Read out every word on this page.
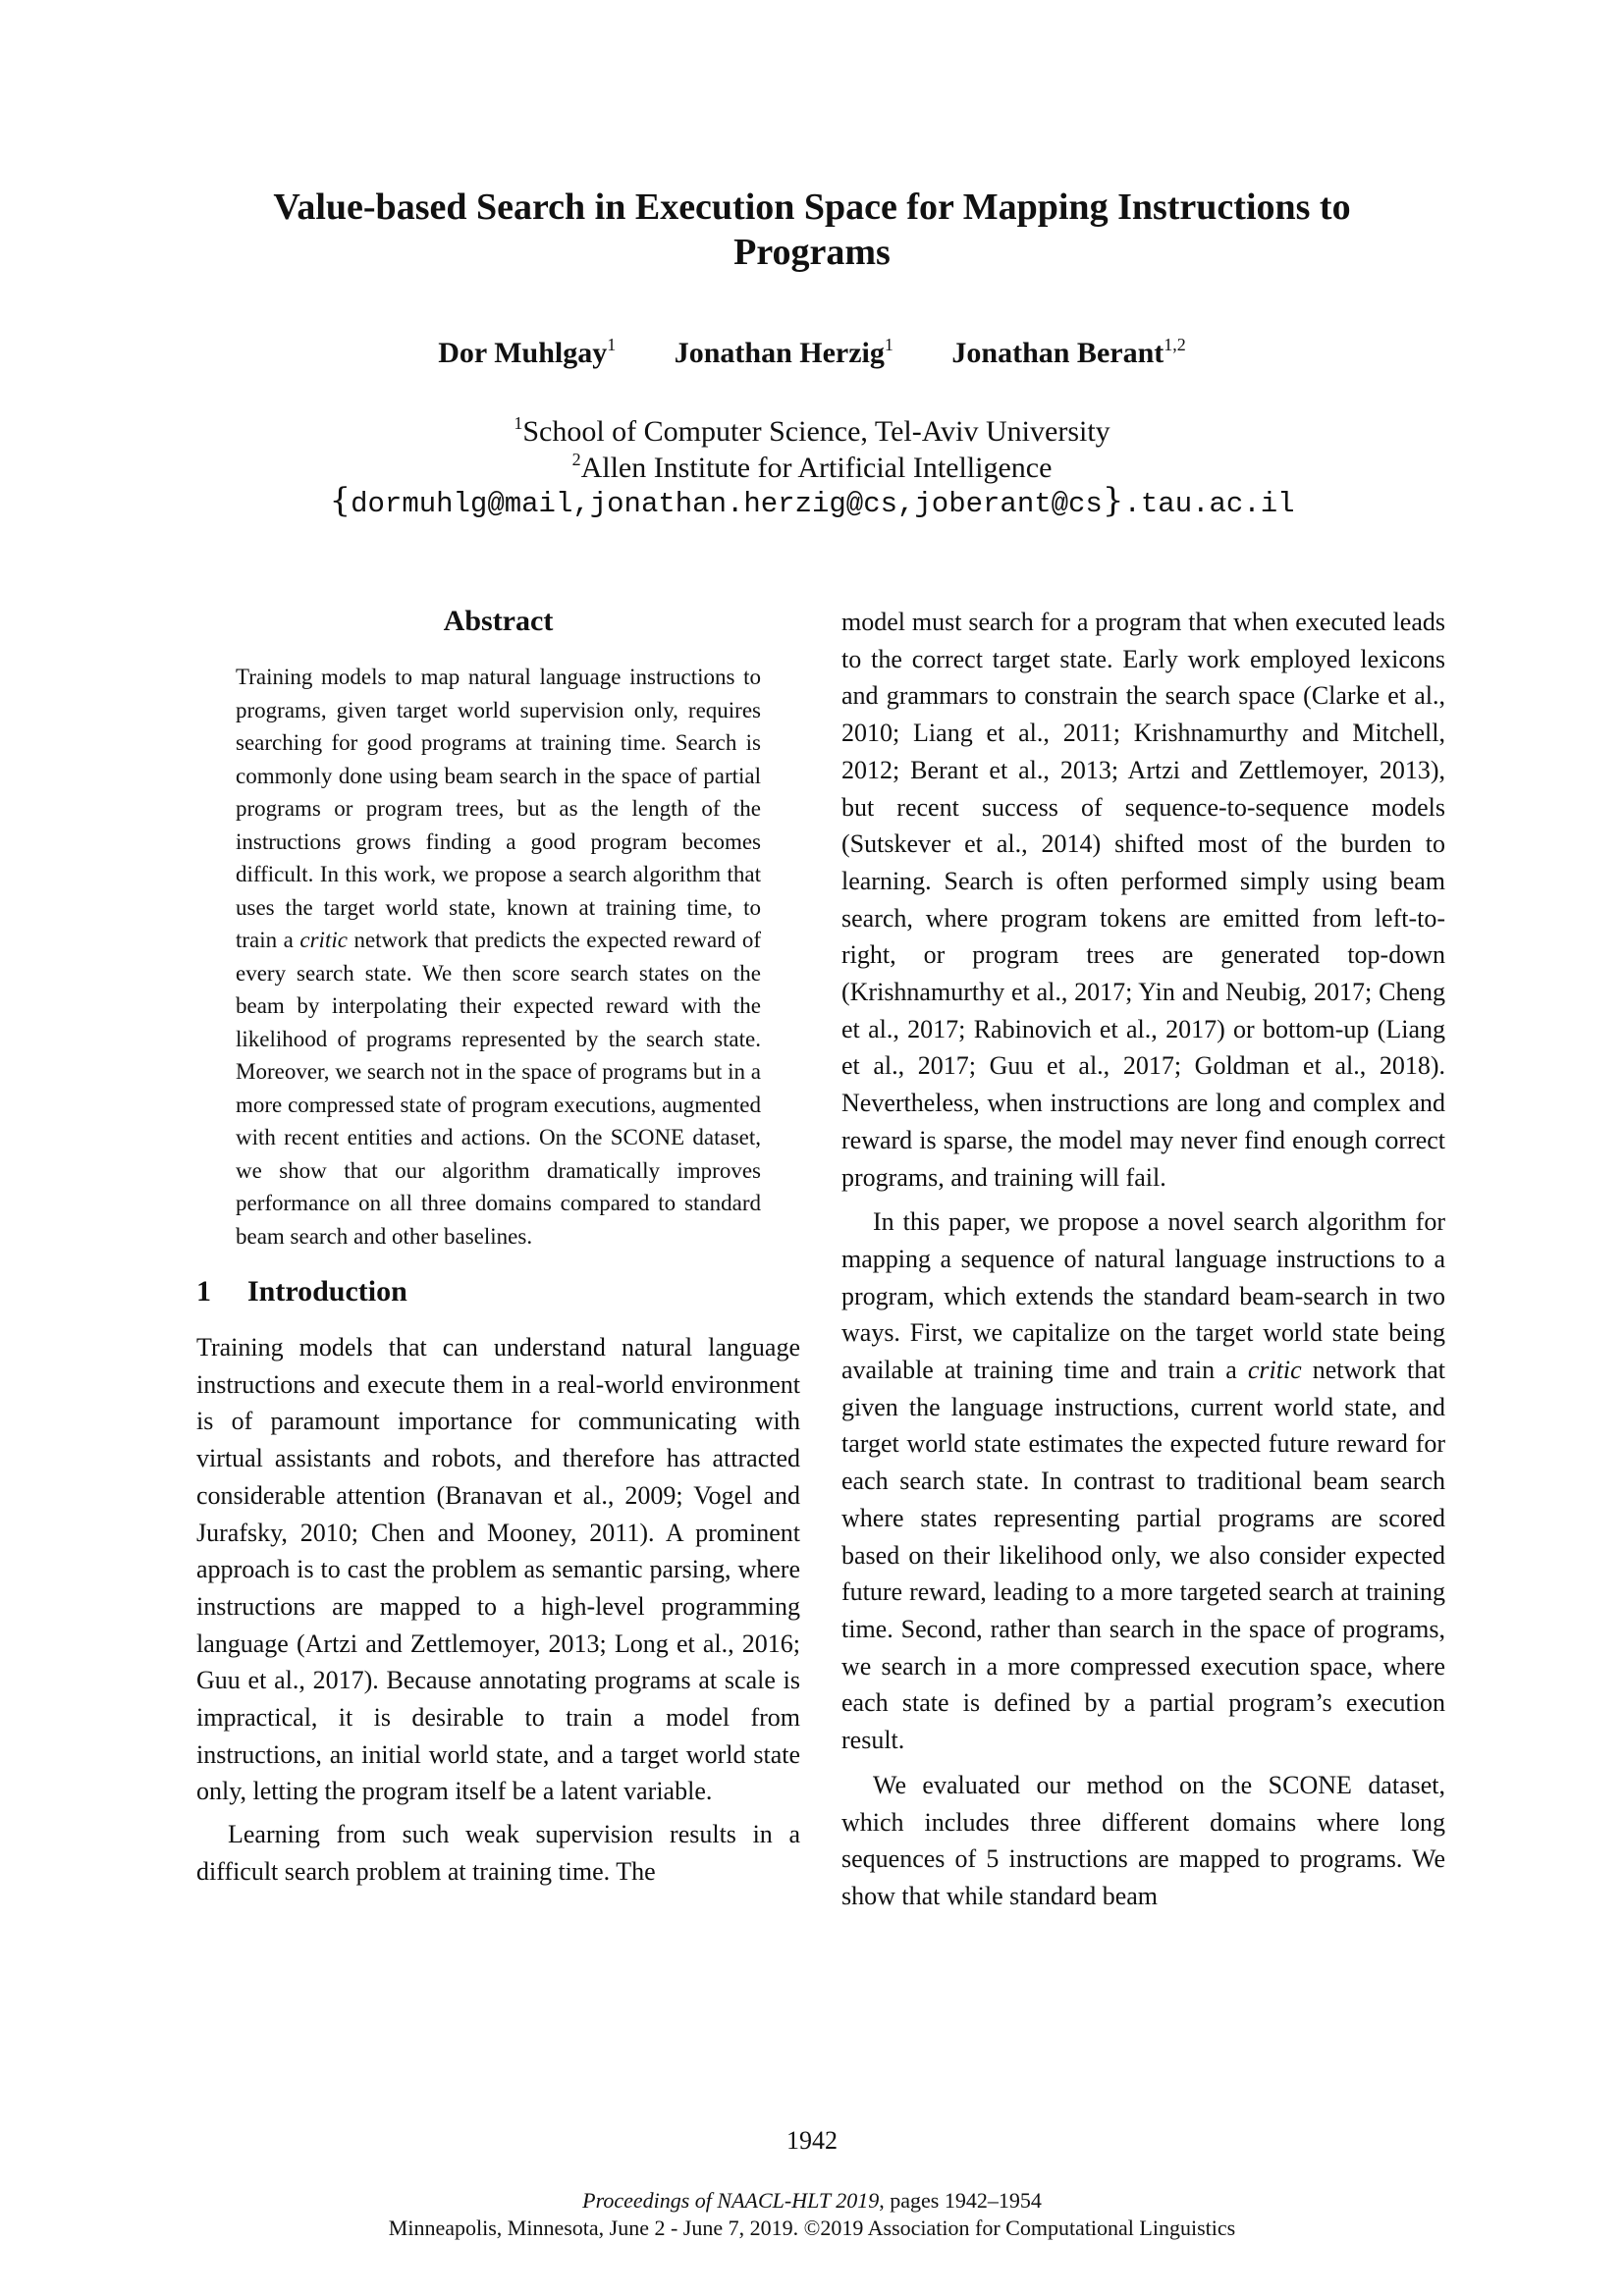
Value-based Search in Execution Space for Mapping Instructions to Programs
Dor Muhlgay$^1$ Jonathan Herzig$^1$ Jonathan Berant$^{1,2}$
$^1$School of Computer Science, Tel-Aviv University
$^2$Allen Institute for Artificial Intelligence
{dormuhlg@mail,jonathan.herzig@cs,joberant@cs}.tau.ac.il
Abstract

Training models to map natural language instructions to programs, given target world supervision only, requires searching for good programs at training time. Search is commonly done using beam search in the space of partial programs or program trees, but as the length of the instructions grows finding a good program becomes difficult. In this work, we propose a search algorithm that uses the target world state, known at training time, to train a critic network that predicts the expected reward of every search state. We then score search states on the beam by interpolating their expected reward with the likelihood of programs represented by the search state. Moreover, we search not in the space of programs but in a more compressed state of program executions, augmented with recent entities and actions. On the SCONE dataset, we show that our algorithm dramatically improves performance on all three domains compared to standard beam search and other baselines.

1 Introduction

Training models that can understand natural language instructions and execute them in a real-world environment is of paramount importance for communicating with virtual assistants and robots, and therefore has attracted considerable attention (Branavan et al., 2009; Vogel and Jurafsky, 2010; Chen and Mooney, 2011). A prominent approach is to cast the problem as semantic parsing, where instructions are mapped to a high-level programming language (Artzi and Zettlemoyer, 2013; Long et al., 2016; Guu et al., 2017). Because annotating programs at scale is impractical, it is desirable to train a model from instructions, an initial world state, and a target world state only, letting the program itself be a latent variable.

Learning from such weak supervision results in a difficult search problem at training time. The

model must search for a program that when executed leads to the correct target state. Early work employed lexicons and grammars to constrain the search space (Clarke et al., 2010; Liang et al., 2011; Krishnamurthy and Mitchell, 2012; Berant et al., 2013; Artzi and Zettlemoyer, 2013), but recent success of sequence-to-sequence models (Sutskever et al., 2014) shifted most of the burden to learning. Search is often performed simply using beam search, where program tokens are emitted from left-to-right, or program trees are generated top-down (Krishnamurthy et al., 2017; Yin and Neubig, 2017; Cheng et al., 2017; Rabinovich et al., 2017) or bottom-up (Liang et al., 2017; Guu et al., 2017; Goldman et al., 2018). Nevertheless, when instructions are long and complex and reward is sparse, the model may never find enough correct programs, and training will fail.

In this paper, we propose a novel search algorithm for mapping a sequence of natural language instructions to a program, which extends the standard beam-search in two ways. First, we capitalize on the target world state being available at training time and train a critic network that given the language instructions, current world state, and target world state estimates the expected future reward for each search state. In contrast to traditional beam search where states representing partial programs are scored based on their likelihood only, we also consider expected future reward, leading to a more targeted search at training time. Second, rather than search in the space of programs, we search in a more compressed execution space, where each state is defined by a partial program’s execution result.

We evaluated our method on the SCONE dataset, which includes three different domains where long sequences of 5 instructions are mapped to programs. We show that while standard beam

1942
Proceedings of NAACL-HLT 2019, pages 1942–1954
Minneapolis, Minnesota, June 2 - June 7, 2019. ©2019 Association for Computational Linguistics
